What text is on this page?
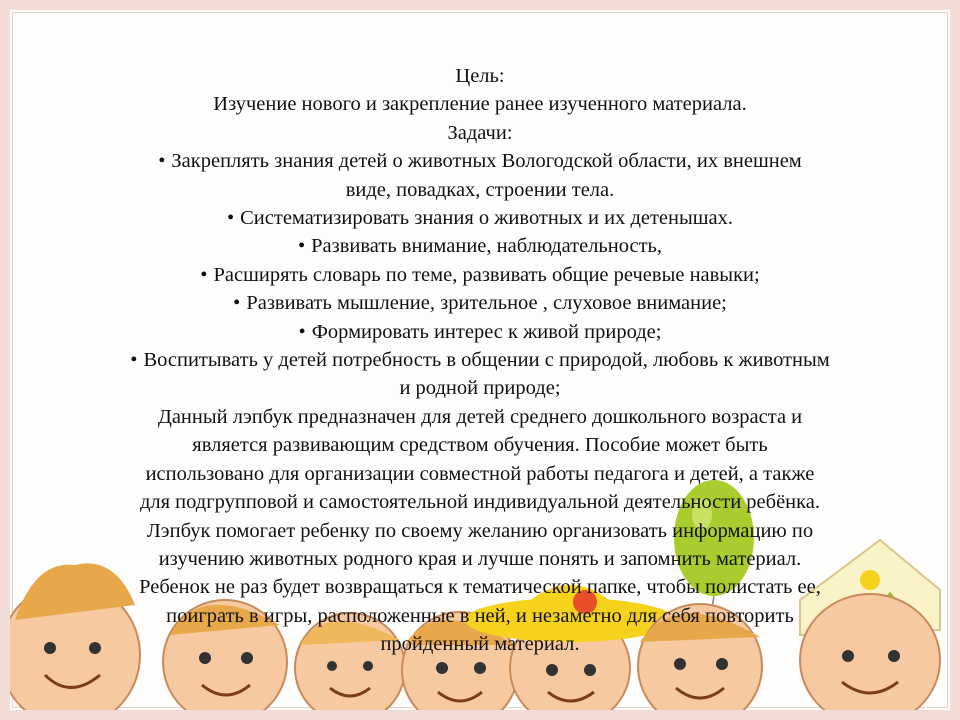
Цель:
Изучение нового и закрепление ранее изученного материала.
Задачи:
• Закреплять знания детей о животных Вологодской области, их внешнем
виде, повадках, строении тела.
• Систематизировать знания о животных и их детенышах.
• Развивать внимание, наблюдательность,
• Расширять словарь по теме, развивать общие речевые навыки;
• Развивать мышление, зрительное , слуховое внимание;
• Формировать интерес к живой природе;
• Воспитывать у детей потребность в общении с природой, любовь к животным
и родной природе;
Данный лэпбук предназначен для детей среднего дошкольного возраста и
является развивающим средством обучения. Пособие может быть
использовано для организации совместной работы педагога и детей, а также
для подгрупповой и самостоятельной индивидуальной деятельности ребёнка.
Лэпбук помогает ребенку по своему желанию организовать информацию по
изучению животных родного края и лучше понять и запомнить материал.
Ребенок не раз будет возвращаться к тематической папке, чтобы полистать ее,
поиграть в игры, расположенные в ней, и незаметно для себя повторить
пройденный материал.
